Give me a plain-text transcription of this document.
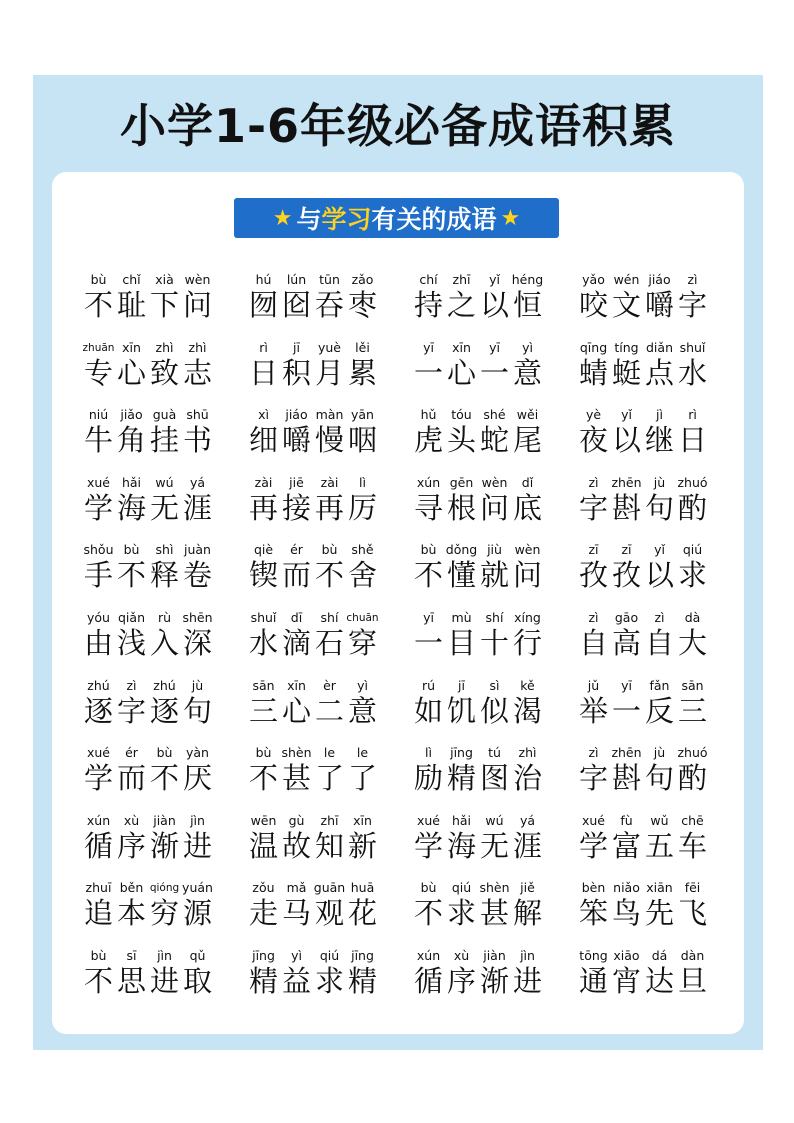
小学1-6年级必备成语积累
★ 与 学习 有关的成语 ★
bù
不
chǐ
耻
xià
下
wèn
问
hú
囫
lún
囵
tūn
吞
zǎo
枣
chí
持
zhī
之
yǐ
以
héng
恒
yǎo
咬
wén
文
jiáo
嚼
zì
字
zhuān
专
xīn
心
zhì
致
zhì
志
rì
日
jī
积
yuè
月
lěi
累
yī
一
xīn
心
yī
一
yì
意
qīng
蜻
tíng
蜓
diǎn
点
shuǐ
水
niú
牛
jiǎo
角
guà
挂
shū
书
xì
细
jiáo
嚼
màn
慢
yān
咽
hǔ
虎
tóu
头
shé
蛇
wěi
尾
yè
夜
yǐ
以
jì
继
rì
日
xué
学
hǎi
海
wú
无
yá
涯
zài
再
jiē
接
zài
再
lì
厉
xún
寻
gēn
根
wèn
问
dǐ
底
zì
字
zhēn
斟
jù
句
zhuó
酌
shǒu
手
bù
不
shì
释
juàn
卷
qiè
锲
ér
而
bù
不
shě
舍
bù
不
dǒng
懂
jiù
就
wèn
问
zī
孜
zī
孜
yǐ
以
qiú
求
yóu
由
qiǎn
浅
rù
入
shēn
深
shuǐ
水
dī
滴
shí
石
chuān
穿
yī
一
mù
目
shí
十
xíng
行
zì
自
gāo
高
zì
自
dà
大
zhú
逐
zì
字
zhú
逐
jù
句
sān
三
xīn
心
èr
二
yì
意
rú
如
jī
饥
sì
似
kě
渴
jǔ
举
yī
一
fǎn
反
sān
三
xué
学
ér
而
bù
不
yàn
厌
bù
不
shèn
甚
le
了
le
了
lì
励
jīng
精
tú
图
zhì
治
zì
字
zhēn
斟
jù
句
zhuó
酌
xún
循
xù
序
jiàn
渐
jìn
进
wēn
温
gù
故
zhī
知
xīn
新
xué
学
hǎi
海
wú
无
yá
涯
xué
学
fù
富
wǔ
五
chē
车
zhuī
追
běn
本
qióng
穷
yuán
源
zǒu
走
mǎ
马
guān
观
huā
花
bù
不
qiú
求
shèn
甚
jiě
解
bèn
笨
niǎo
鸟
xiān
先
fēi
飞
bù
不
sī
思
jìn
进
qǔ
取
jīng
精
yì
益
qiú
求
jīng
精
xún
循
xù
序
jiàn
渐
jìn
进
tōng
通
xiāo
宵
dá
达
dàn
旦
